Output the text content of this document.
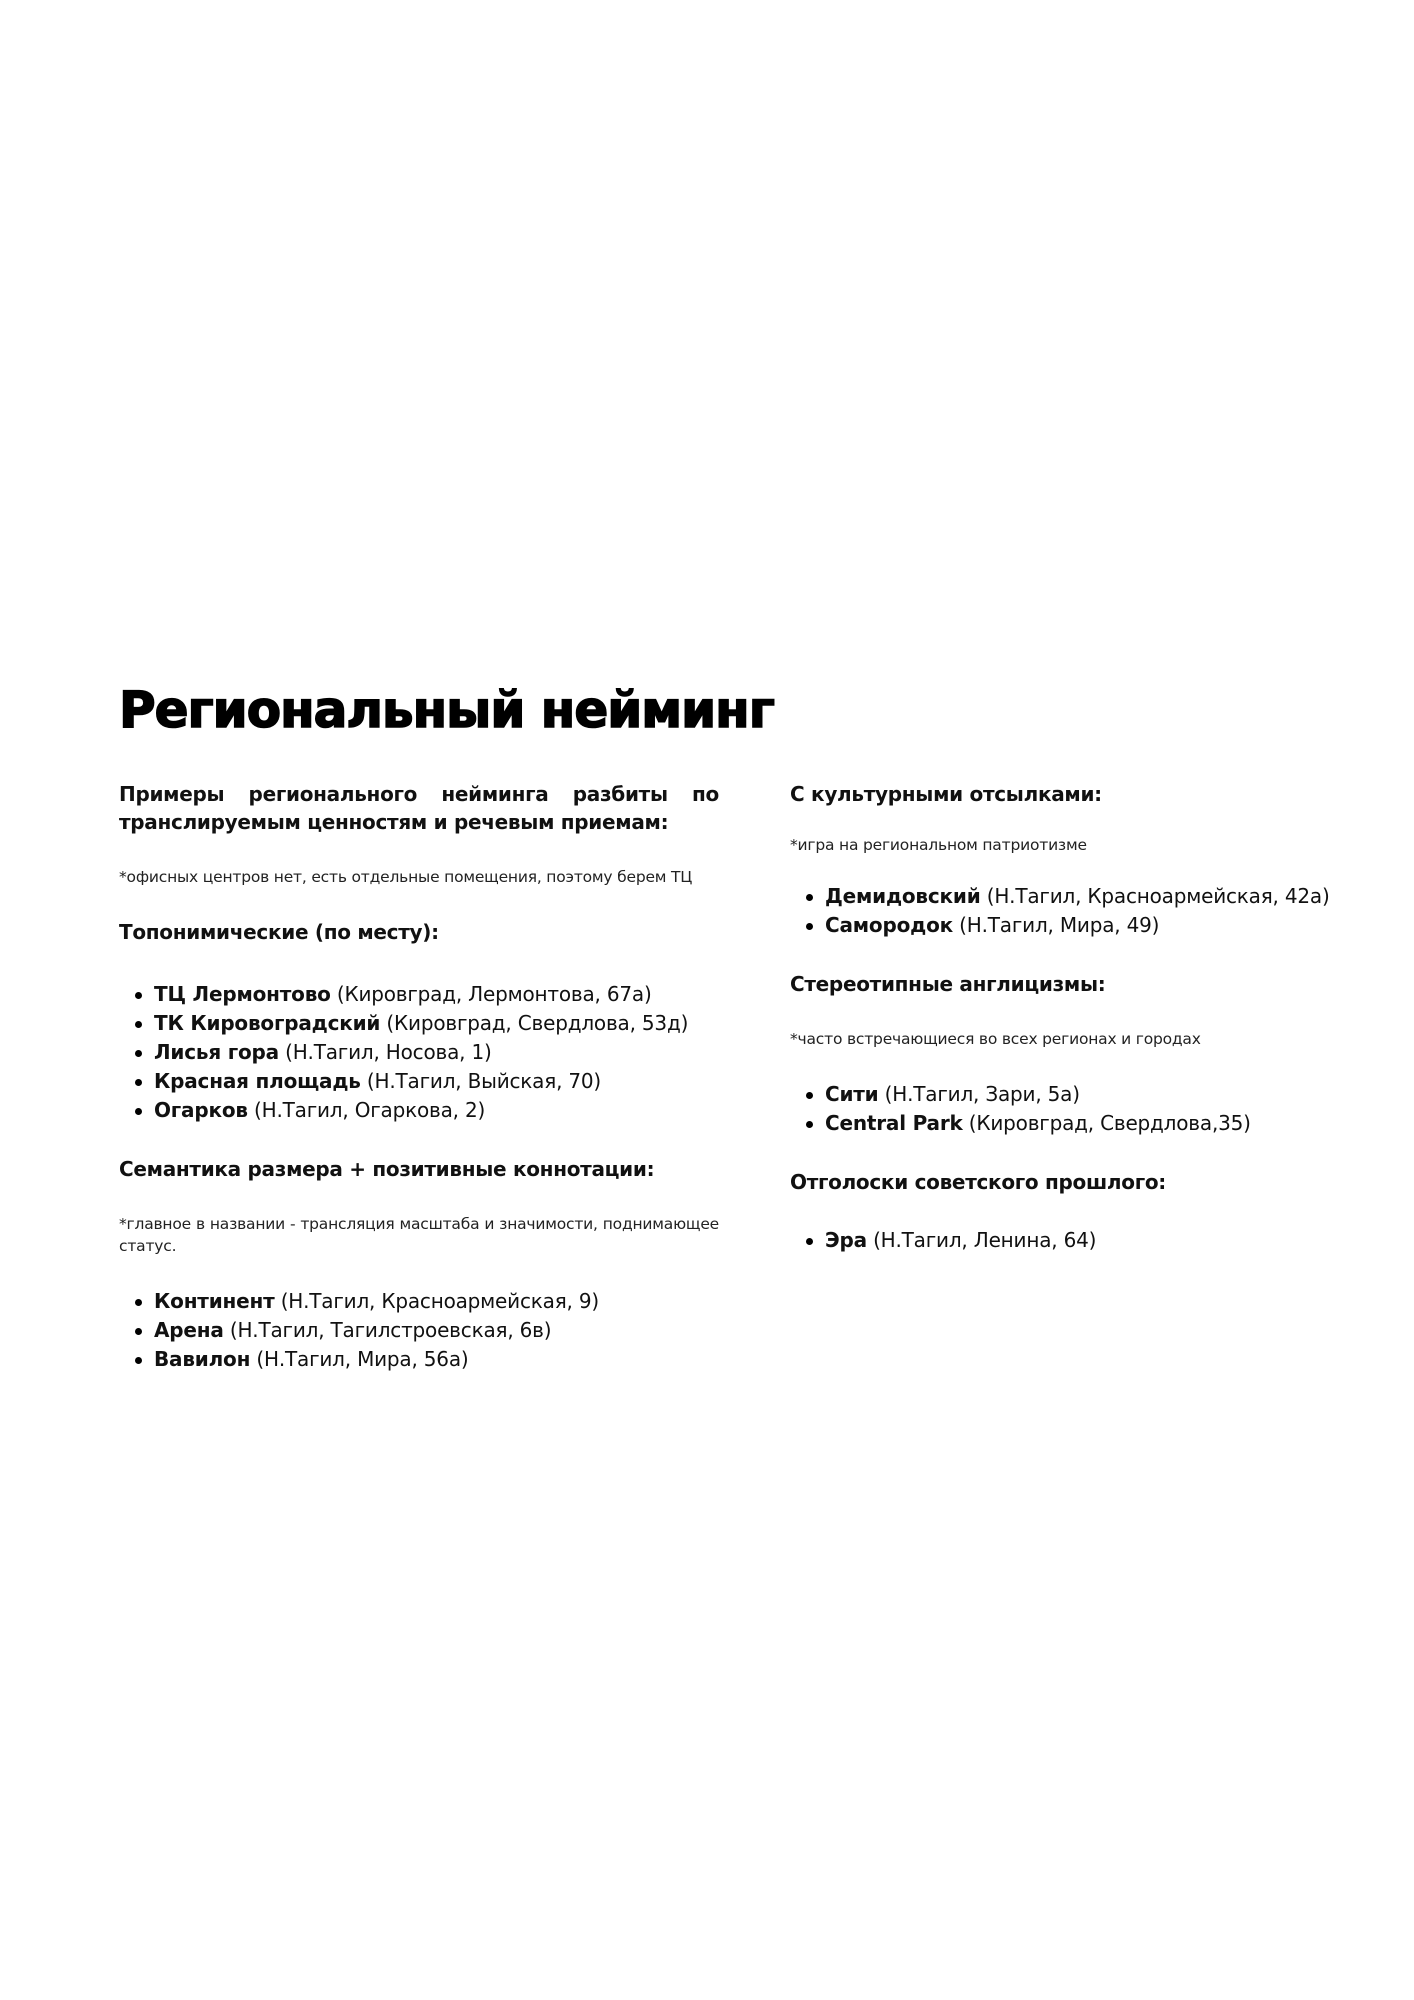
Региональный нейминг

Примеры регионального нейминга разбиты по транслируемым ценностям и речевым приемам:

*офисных центров нет, есть отдельные помещения, поэтому берем ТЦ

Топонимические (по месту):
ТЦ Лермонтово (Кировград, Лермонтова, 67а)
ТК Кировоградский (Кировград, Свердлова, 53д)
Лисья гора (Н.Тагил, Носова, 1)
Красная площадь (Н.Тагил, Выйская, 70)
Огарков (Н.Тагил, Огаркова, 2)
Семантика размера + позитивные коннотации:

*главное в названии - трансляция масштаба и значимости, поднимающее статус.

Континент (Н.Тагил, Красноармейская, 9)
Арена (Н.Тагил, Тагилстроевская, 6в)
Вавилон (Н.Тагил, Мира, 56а)
С культурными отсылками:

*игра на региональном патриотизме

Демидовский (Н.Тагил, Красноармейская, 42а)
Самородок (Н.Тагил, Мира, 49)
Стереотипные англицизмы:

*часто встречающиеся во всех регионах и городах

Сити (Н.Тагил, Зари, 5а)
Central Park (Кировград, Свердлова,35)
Отголоски советского прошлого:
Эра (Н.Тагил, Ленина, 64)
